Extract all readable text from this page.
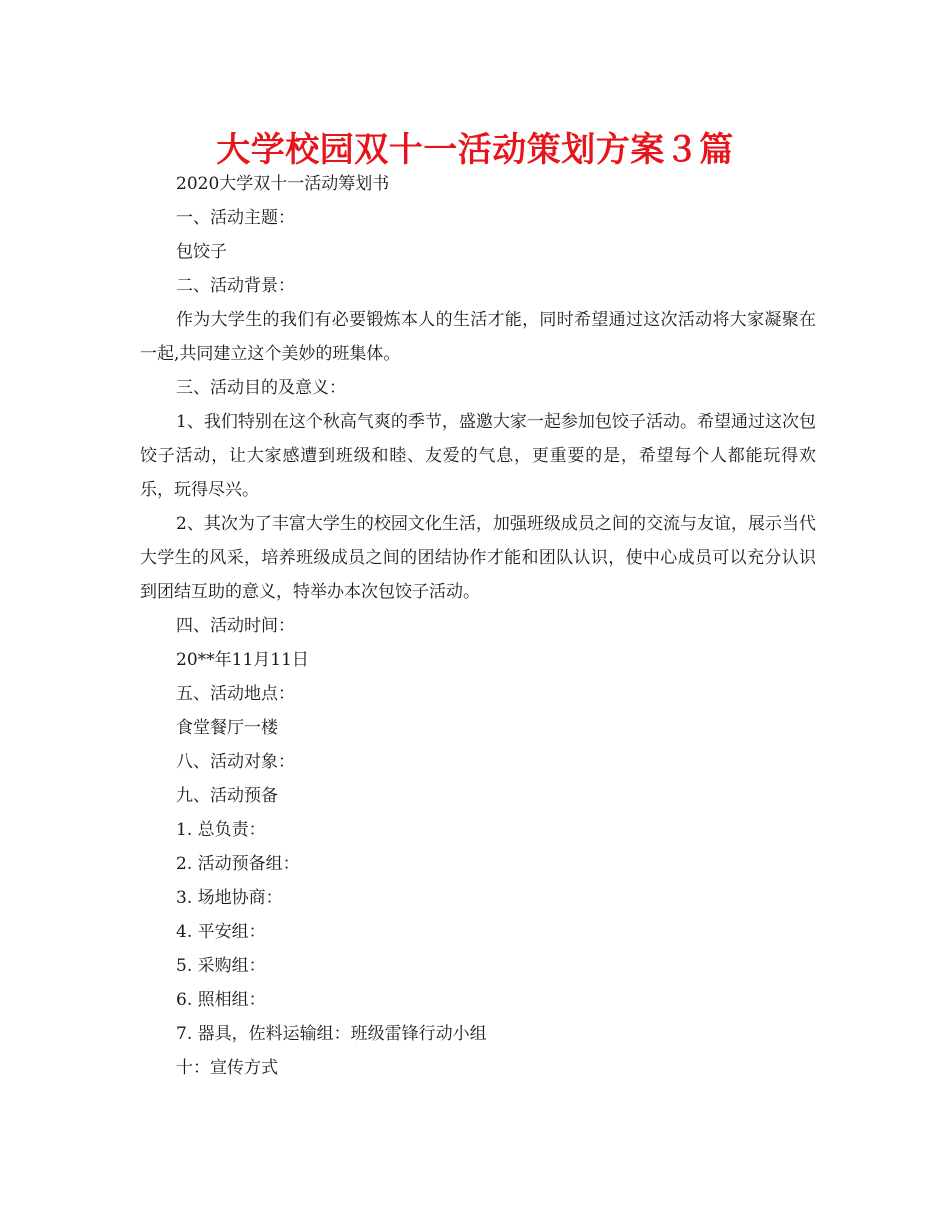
大学校园双十一活动策划方案３篇

2020大学双十一活动筹划书

一、活动主题：

包饺子

二、活动背景：

作为大学生的我们有必要锻炼本人的生活才能，同时希望通过这次活动将大家凝聚在一起,共同建立这个美妙的班集体。

三、活动目的及意义：

1、我们特别在这个秋高气爽的季节，盛邀大家一起参加包饺子活动。希望通过这次包饺子活动，让大家感遭到班级和睦、友爱的气息，更重要的是，希望每个人都能玩得欢乐，玩得尽兴。

2、其次为了丰富大学生的校园文化生活，加强班级成员之间的交流与友谊，展示当代大学生的风采，培养班级成员之间的团结协作才能和团队认识，使中心成员可以充分认识到团结互助的意义，特举办本次包饺子活动。

四、活动时间：

20**年11月11日

五、活动地点：

食堂餐厅一楼

八、活动对象：

九、活动预备

1. 总负责：

2. 活动预备组：

3. 场地协商：

4. 平安组：

5. 采购组：

6. 照相组：

7. 器具，佐料运输组：班级雷锋行动小组

十：宣传方式
